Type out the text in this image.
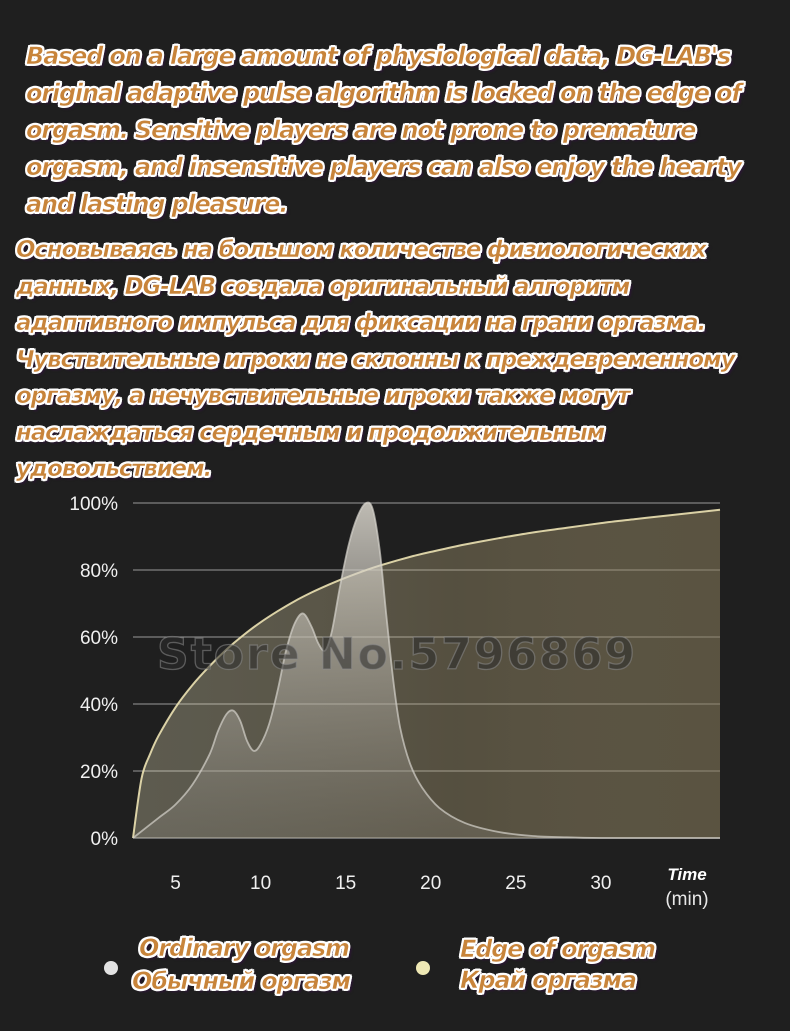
Based on a large amount of physiological data, DG-LAB's original adaptive pulse algorithm is locked on the edge of orgasm. Sensitive players are not prone to premature orgasm, and insensitive players can also enjoy the hearty and lasting pleasure.

Основываясь на большом количестве физиологических данных, DG-LAB создала оригинальный алгоритм адаптивного импульса для фиксации на грани оргазма. Чувствительные игроки не склонны к преждевременному оргазму, а нечувствительные игроки также могут наслаждаться сердечным и продолжительным удовольствием.

0%
20%
40%
60%
80%
100%
5	10	15	20	25	30
Store No.5796869
Time
(min)
Ordinary orgasm
Обычный оргазм
Edge of orgasm
Край оргазма
